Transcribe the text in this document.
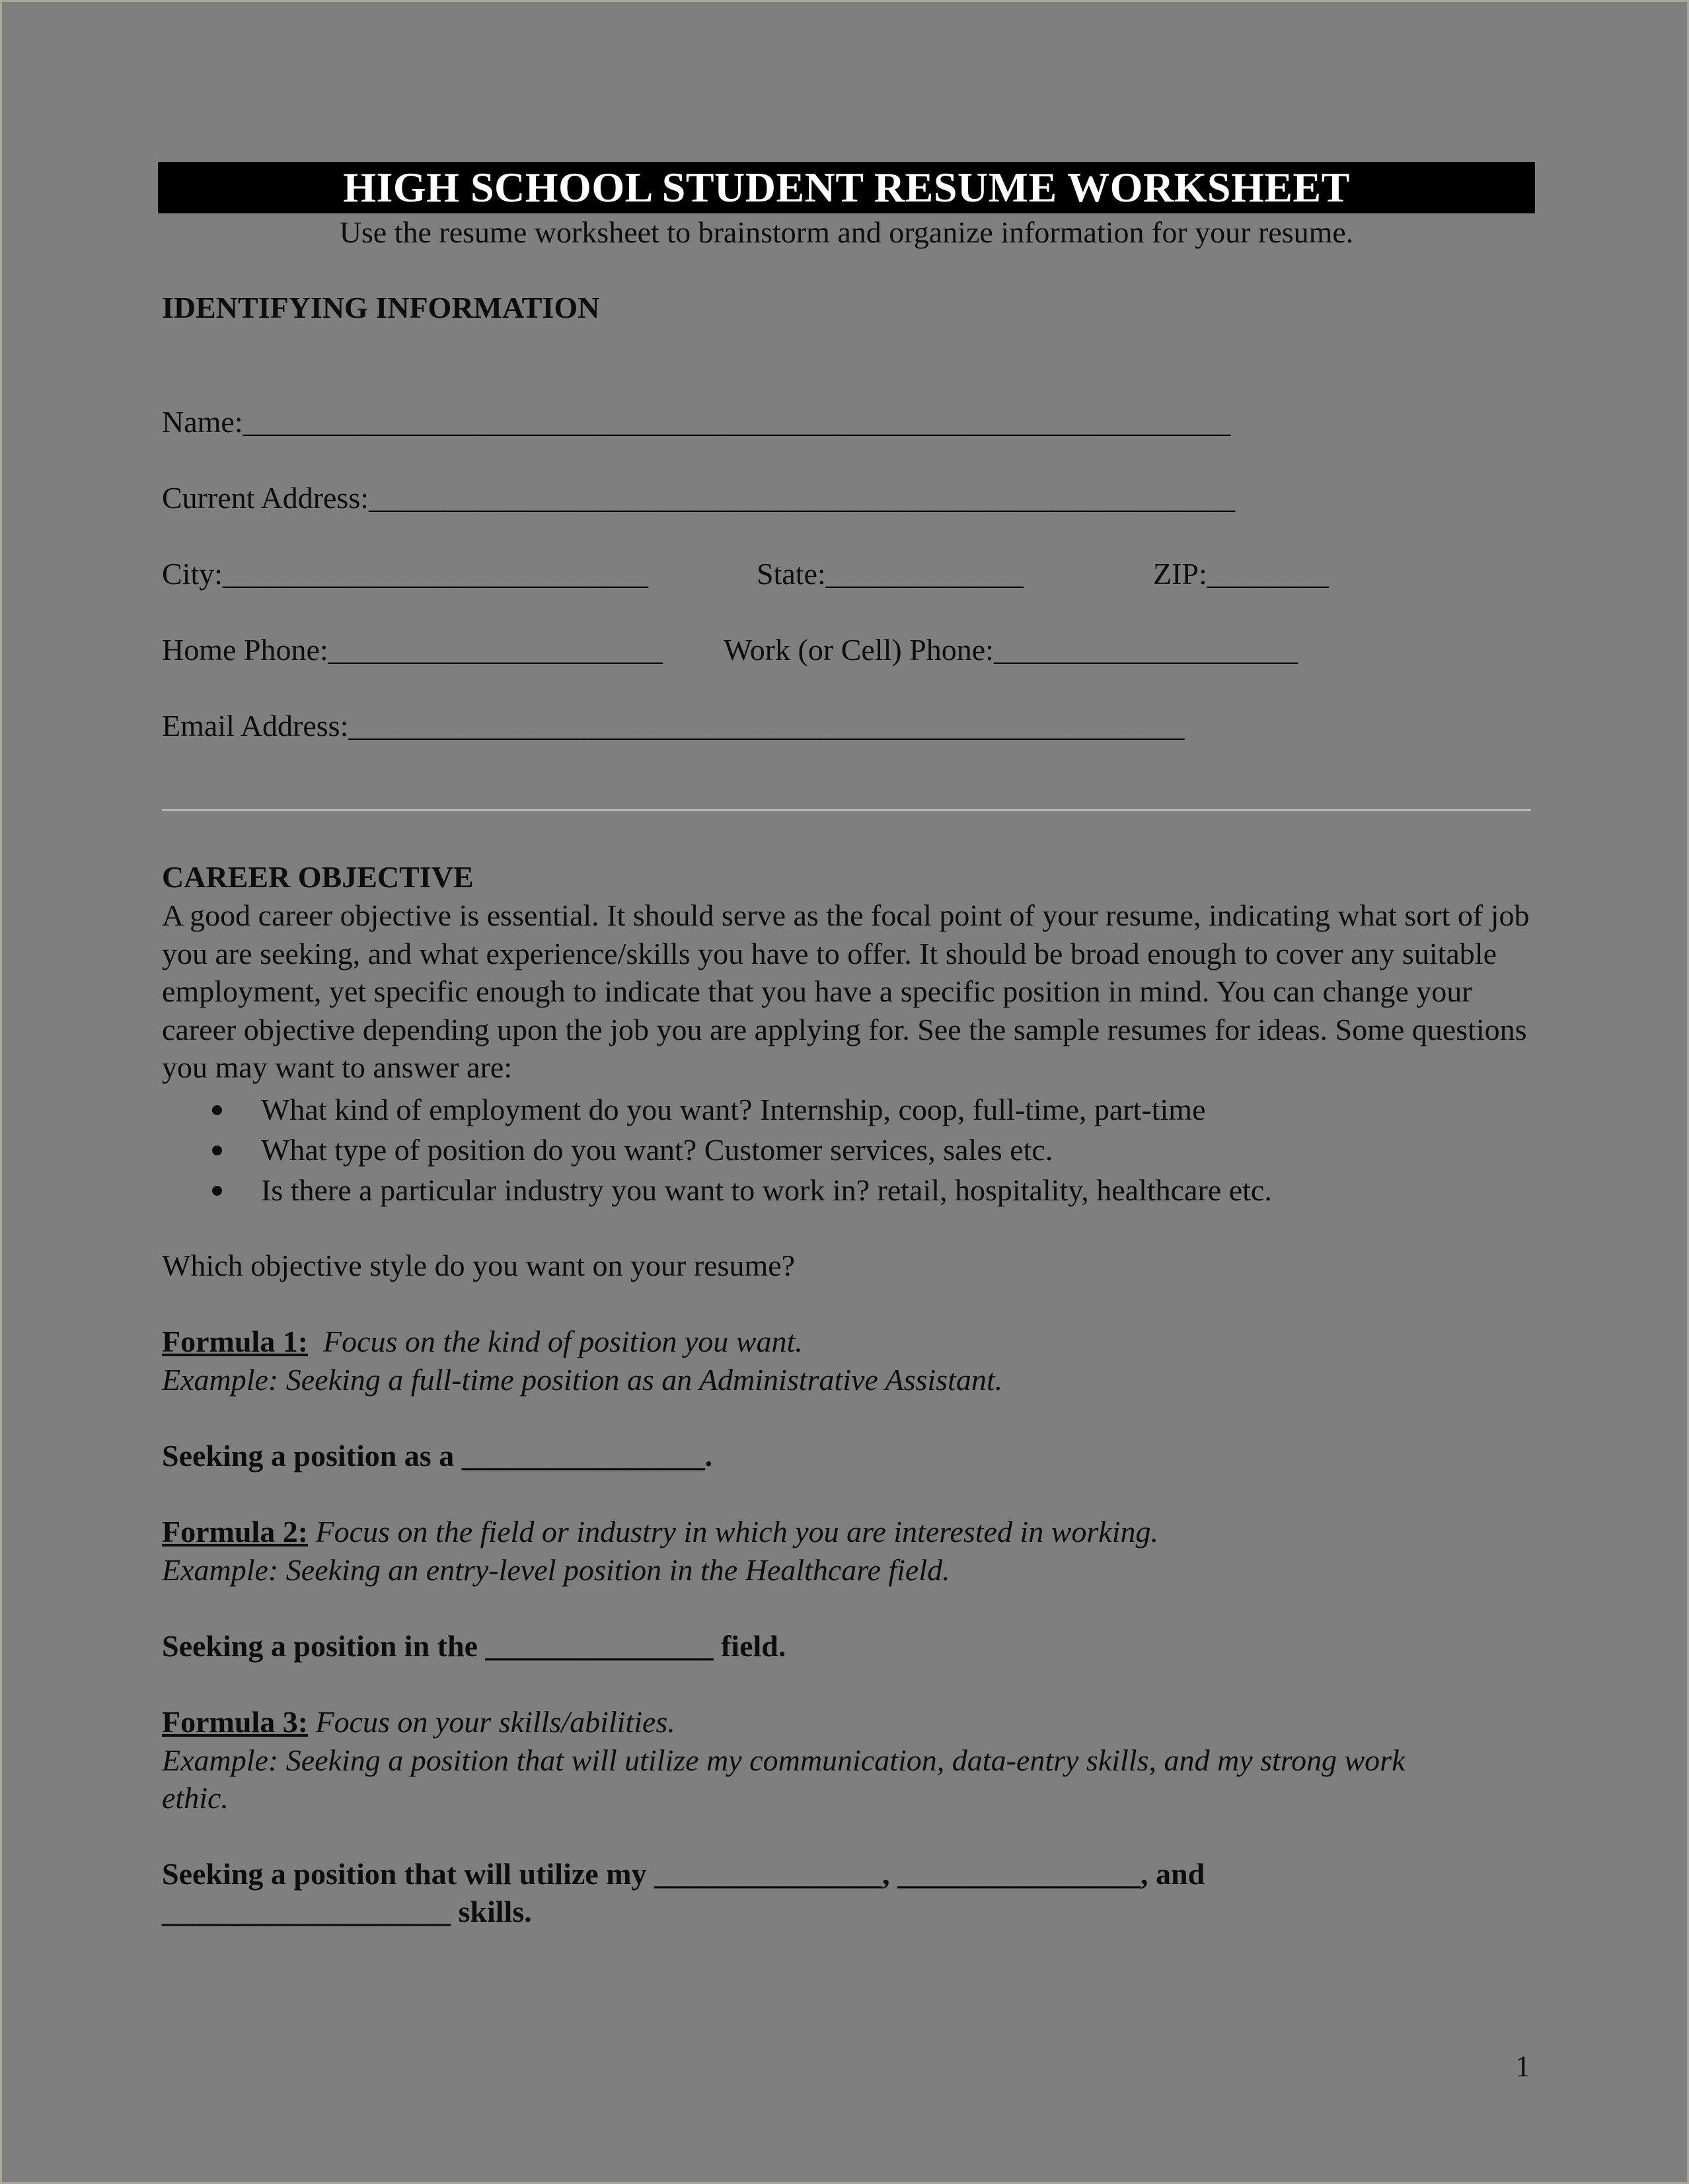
HIGH SCHOOL STUDENT RESUME WORKSHEET
Use the resume worksheet to brainstorm and organize information for your resume.
IDENTIFYING INFORMATION
Name:_________________________________________________________________
Current Address:_________________________________________________________
City:____________________________	State:_____________	ZIP:________
Home Phone:______________________ Work (or Cell) Phone:____________________
Email Address:_______________________________________________________
CAREER OBJECTIVE
A good career objective is essential. It should serve as the focal point of your resume, indicating what sort of job you are seeking, and what experience/skills you have to offer. It should be broad enough to cover any suitable employment, yet specific enough to indicate that you have a specific position in mind. You can change your career objective depending upon the job you are applying for. See the sample resumes for ideas. Some questions you may want to answer are:
What kind of employment do you want? Internship, coop, full-time, part-time
What type of position do you want? Customer services, sales etc.
Is there a particular industry you want to work in? retail, hospitality, healthcare etc.
Which objective style do you want on your resume?
Formula 1: Focus on the kind of position you want.
Example: Seeking a full-time position as an Administrative Assistant.
Seeking a position as a ________________.
Formula 2: Focus on the field or industry in which you are interested in working.
Example: Seeking an entry-level position in the Healthcare field.
Seeking a position in the _______________ field.
Formula 3: Focus on your skills/abilities.
Example: Seeking a position that will utilize my communication, data-entry skills, and my strong work
ethic.
Seeking a position that will utilize my _______________, ________________, and
___________________ skills.
1
